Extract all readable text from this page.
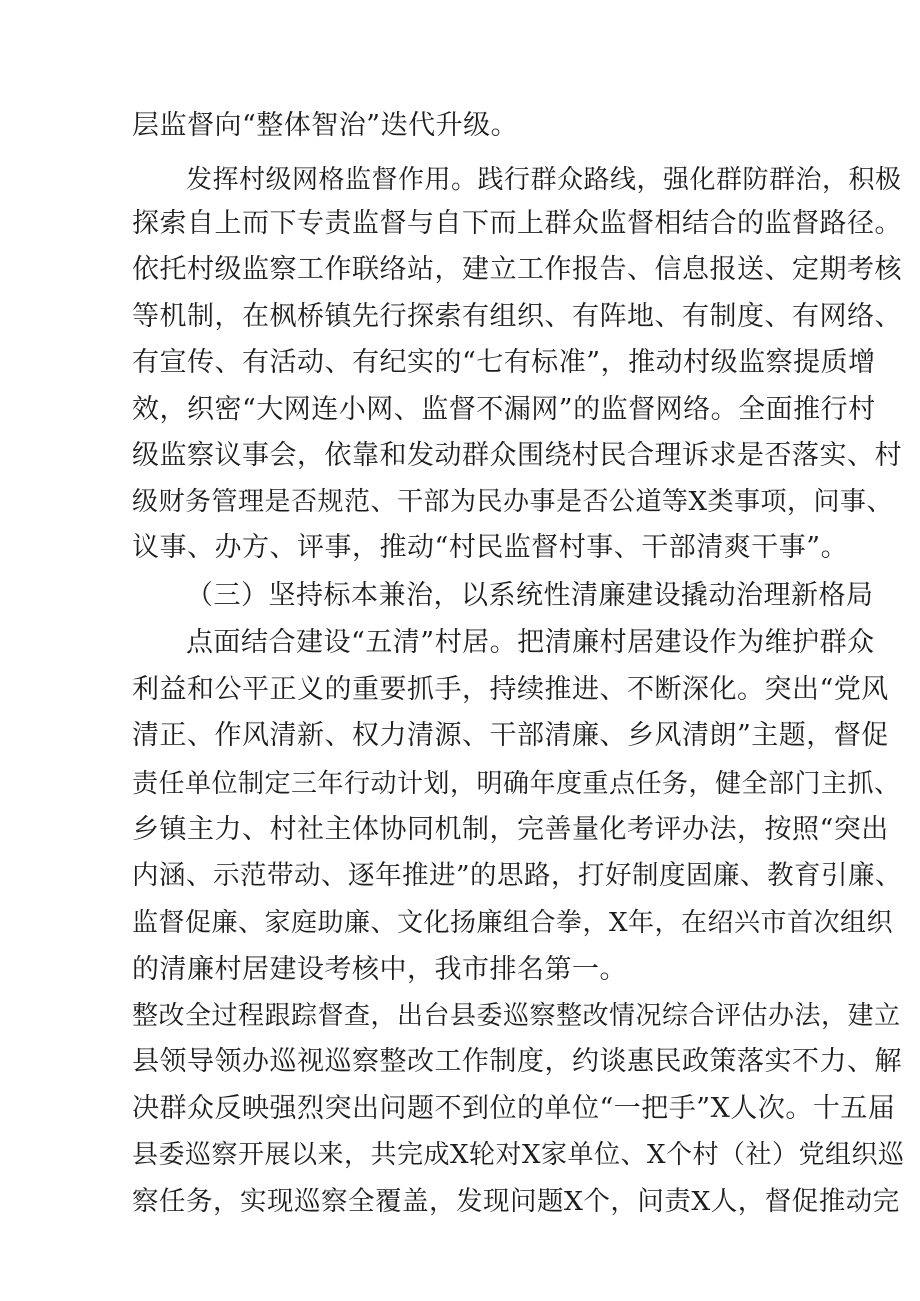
层监督向“整体智治”迭代升级。
发挥村级网格监督作用。践行群众路线，强化群防群治，积极
探索自上而下专责监督与自下而上群众监督相结合的监督路径。
依托村级监察工作联络站，建立工作报告、信息报送、定期考核
等机制，在枫桥镇先行探索有组织、有阵地、有制度、有网络、
有宣传、有活动、有纪实的“七有标准”，推动村级监察提质增
效，织密“大网连小网、监督不漏网”的监督网络。全面推行村
级监察议事会，依靠和发动群众围绕村民合理诉求是否落实、村
级财务管理是否规范、干部为民办事是否公道等X类事项，问事、
议事、办方、评事，推动“村民监督村事、干部清爽干事”。
（三）坚持标本兼治，以系统性清廉建设撬动治理新格局
点面结合建设“五清”村居。把清廉村居建设作为维护群众
利益和公平正义的重要抓手，持续推进、不断深化。突出“党风
清正、作风清新、权力清源、干部清廉、乡风清朗”主题，督促
责任单位制定三年行动计划，明确年度重点任务，健全部门主抓、
乡镇主力、村社主体协同机制，完善量化考评办法，按照“突出
内涵、示范带动、逐年推进”的思路，打好制度固廉、教育引廉、
监督促廉、家庭助廉、文化扬廉组合拳，X年，在绍兴市首次组织
的清廉村居建设考核中，我市排名第一。
整改全过程跟踪督查，出台县委巡察整改情况综合评估办法，建立
县领导领办巡视巡察整改工作制度，约谈惠民政策落实不力、解
决群众反映强烈突出问题不到位的单位“一把手”X人次。十五届
县委巡察开展以来，共完成X轮对X家单位、X个村（社）党组织巡
察任务，实现巡察全覆盖，发现问题X个，问责X人，督促推动完
